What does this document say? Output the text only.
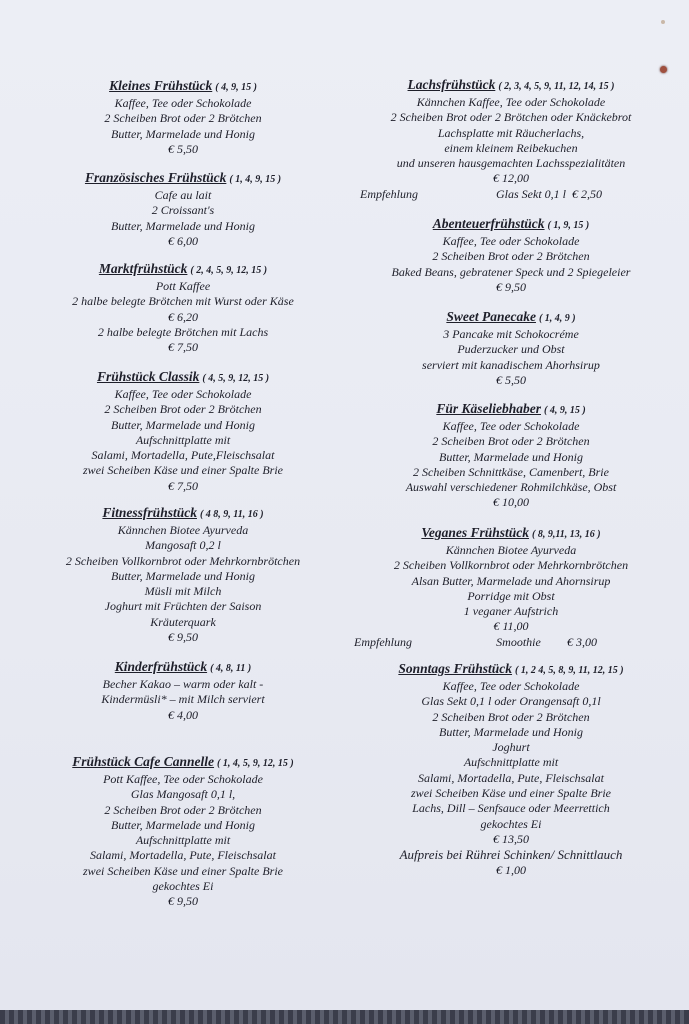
Kleines Frühstück ( 4, 9, 15 )
Kaffee, Tee oder Schokolade
2 Scheiben Brot oder 2 Brötchen
Butter, Marmelade und Honig
€ 5,50
Französisches Frühstück ( 1, 4, 9, 15 )
Cafe au lait
2 Croissant's
Butter, Marmelade und Honig
€ 6,00
Marktfrühstück ( 2, 4, 5, 9, 12, 15 )
Pott Kaffee
2 halbe belegte Brötchen mit Wurst oder Käse
€ 6,20
2 halbe belegte Brötchen mit Lachs
€ 7,50
Frühstück Classik ( 4, 5, 9, 12, 15 )
Kaffee, Tee oder Schokolade
2 Scheiben Brot oder 2 Brötchen
Butter, Marmelade und Honig
Aufschnittplatte mit
Salami, Mortadella, Pute,Fleischsalat
zwei Scheiben Käse und einer Spalte Brie
€ 7,50
Fitnessfrühstück ( 4 8, 9, 11, 16 )
Kännchen Biotee Ayurveda
Mangosaft 0,2 l
2 Scheiben Vollkornbrot oder Mehrkornbrötchen
Butter, Marmelade und Honig
Müsli mit Milch
Joghurt mit Früchten der Saison
Kräuterquark
€ 9,50
Kinderfrühstück ( 4, 8, 11 )
Becher Kakao – warm oder kalt -
Kindermüsli* – mit Milch serviert
€ 4,00
Frühstück Cafe Cannelle ( 1, 4, 5, 9, 12, 15 )
Pott Kaffee, Tee oder Schokolade
Glas Mangosaft 0,1 l,
2 Scheiben Brot oder 2 Brötchen
Butter, Marmelade und Honig
Aufschnittplatte mit
Salami, Mortadella, Pute, Fleischsalat
zwei Scheiben Käse und einer Spalte Brie
gekochtes Ei
€ 9,50
Lachsfrühstück ( 2, 3, 4, 5, 9, 11, 12, 14, 15 )
Kännchen Kaffee, Tee oder Schokolade
2 Scheiben Brot oder 2 Brötchen oder Knäckebrot
Lachsplatte mit Räucherlachs,
einem kleinem Reibekuchen
und unseren hausgemachten Lachsspezialitäten
€ 12,00
Empfehlung	Glas Sekt 0,1 l € 2,50
Abenteuerfrühstück ( 1, 9, 15 )
Kaffee, Tee oder Schokolade
2 Scheiben Brot oder 2 Brötchen
Baked Beans, gebratener Speck und 2 Spiegeleier
€ 9,50
Sweet Panecake ( 1, 4, 9 )
3 Pancake mit Schokocréme
Puderzucker und Obst
serviert mit kanadischem Ahorhsirup
€ 5,50
Für Käseliebhaber ( 4, 9, 15 )
Kaffee, Tee oder Schokolade
2 Scheiben Brot oder 2 Brötchen
Butter, Marmelade und Honig
2 Scheiben Schnittkäse, Camenbert, Brie
Auswahl verschiedener Rohmilchkäse, Obst
€ 10,00
Veganes Frühstück ( 8, 9,11, 13, 16 )
Kännchen Biotee Ayurveda
2 Scheiben Vollkornbrot oder Mehrkornbrötchen
Alsan Butter, Marmelade und Ahornsirup
Porridge mit Obst
1 veganer Aufstrich
€ 11,00
Empfehlung	Smoothie € 3,00
Sonntags Frühstück ( 1, 2 4, 5, 8, 9, 11, 12, 15 )
Kaffee, Tee oder Schokolade
Glas Sekt 0,1 l oder Orangensaft 0,1l
2 Scheiben Brot oder 2 Brötchen
Butter, Marmelade und Honig
Joghurt
Aufschnittplatte mit
Salami, Mortadella, Pute, Fleischsalat
zwei Scheiben Käse und einer Spalte Brie
Lachs, Dill – Senfsauce oder Meerrettich
gekochtes Ei
€ 13,50
Aufpreis bei Rührei Schinken/ Schnittlauch
€ 1,00
